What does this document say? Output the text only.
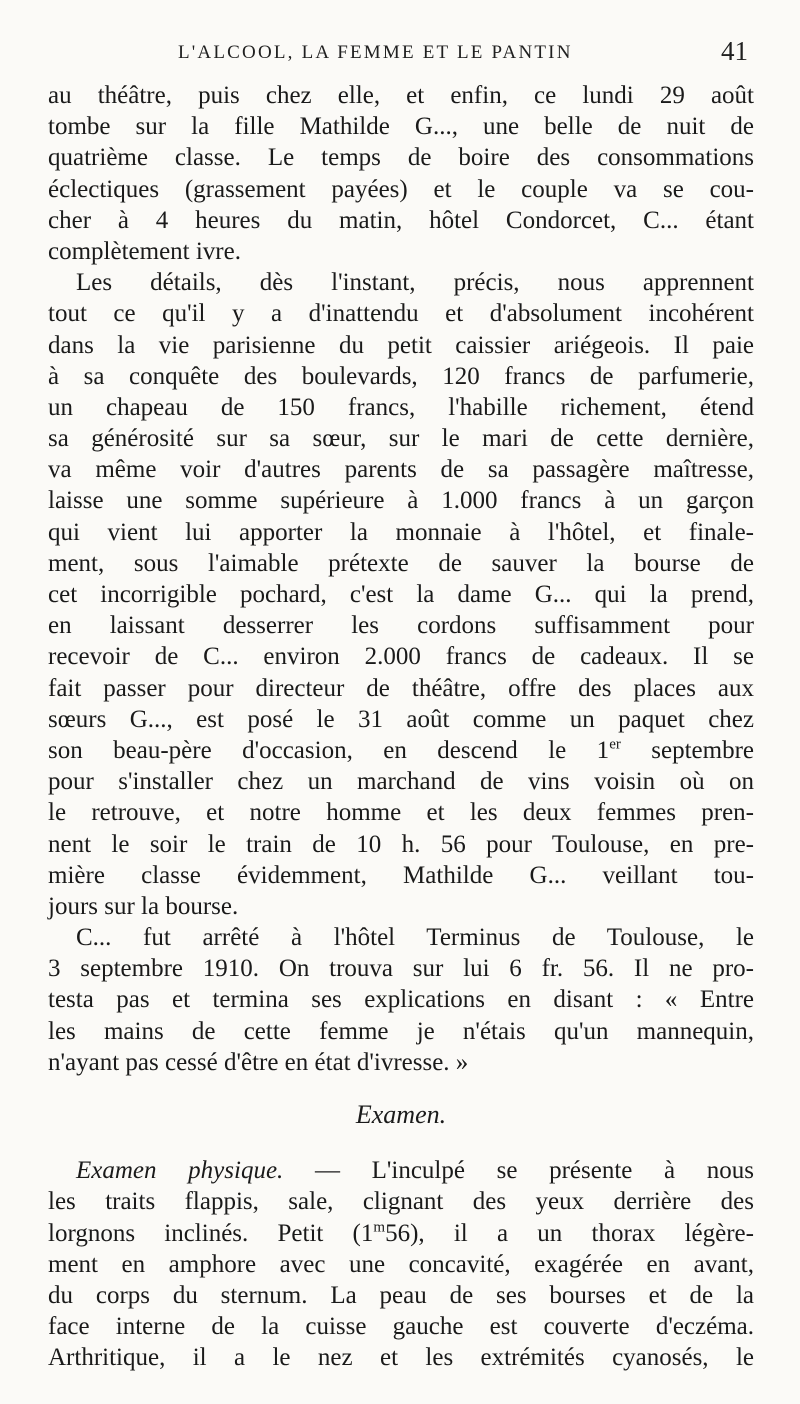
L'ALCOOL, LA FEMME ET LE PANTIN	41
au théâtre, puis chez elle, et enfin, ce lundi 29 août
tombe sur la fille Mathilde G..., une belle de nuit de
quatrième classe. Le temps de boire des consommations
éclectiques (grassement payées) et le couple va se cou-
cher à 4 heures du matin, hôtel Condorcet, C... étant
complètement ivre.
Les détails, dès l'instant, précis, nous apprennent
tout ce qu'il y a d'inattendu et d'absolument incohérent
dans la vie parisienne du petit caissier ariégeois. Il paie
à sa conquête des boulevards, 120 francs de parfumerie,
un chapeau de 150 francs, l'habille richement, étend
sa générosité sur sa sœur, sur le mari de cette dernière,
va même voir d'autres parents de sa passagère maîtresse,
laisse une somme supérieure à 1.000 francs à un garçon
qui vient lui apporter la monnaie à l'hôtel, et finale-
ment, sous l'aimable prétexte de sauver la bourse de
cet incorrigible pochard, c'est la dame G... qui la prend,
en laissant desserrer les cordons suffisamment pour
recevoir de C... environ 2.000 francs de cadeaux. Il se
fait passer pour directeur de théâtre, offre des places aux
sœurs G..., est posé le 31 août comme un paquet chez
son beau-père d'occasion, en descend le 1er septembre
pour s'installer chez un marchand de vins voisin où on
le retrouve, et notre homme et les deux femmes pren-
nent le soir le train de 10 h. 56 pour Toulouse, en pre-
mière classe évidemment, Mathilde G... veillant tou-
jours sur la bourse.
C... fut arrêté à l'hôtel Terminus de Toulouse, le
3 septembre 1910. On trouva sur lui 6 fr. 56. Il ne pro-
testa pas et termina ses explications en disant : « Entre
les mains de cette femme je n'étais qu'un mannequin,
n'ayant pas cessé d'être en état d'ivresse. »
Examen.
Examen physique. — L'inculpé se présente à nous
les traits flappis, sale, clignant des yeux derrière des
lorgnons inclinés. Petit (1$^m$56), il a un thorax légère-
ment en amphore avec une concavité, exagérée en avant,
du corps du sternum. La peau de ses bourses et de la
face interne de la cuisse gauche est couverte d'eczéma.
Arthritique, il a le nez et les extrémités cyanosés, le
